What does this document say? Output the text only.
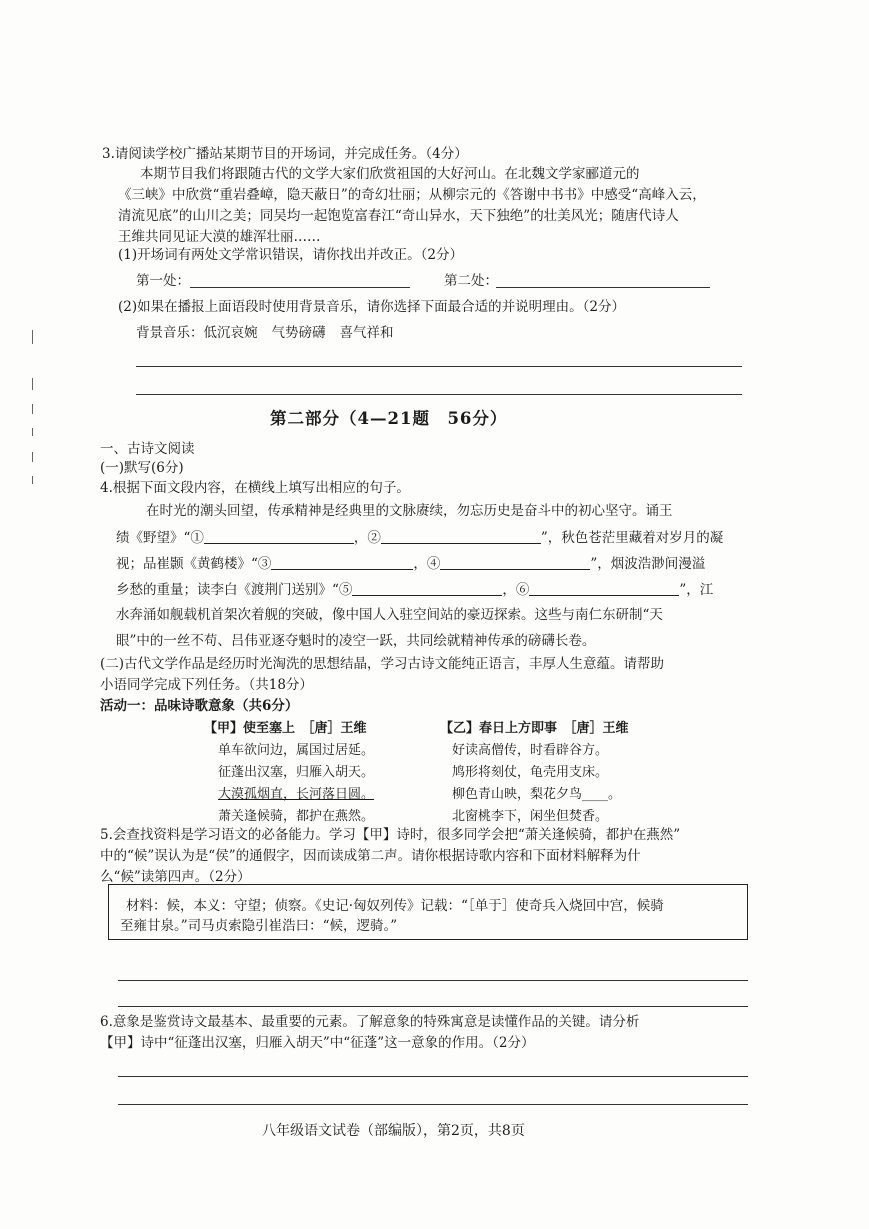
3.请阅读学校广播站某期节目的开场词，并完成任务。（4分）
本期节目我们将跟随古代的文学大家们欣赏祖国的大好河山。在北魏文学家郦道元的
《三峡》中欣赏“重岩叠嶂，隐天蔽日”的奇幻壮丽；从柳宗元的《答谢中书书》中感受“高峰入云，
清流见底”的山川之美；同吴均一起饱览富春江“奇山异水，天下独绝”的壮美风光；随唐代诗人
王维共同见证大漠的雄浑壮丽……
(1)开场词有两处文学常识错误，请你找出并改正。（2分）
第一处：	第二处：
(2)如果在播报上面语段时使用背景音乐，请你选择下面最合适的并说明理由。（2分）
背景音乐：低沉哀婉 气势磅礴 喜气祥和
第二部分（4—21题　56分）
一、古诗文阅读
(一)默写(6分)
4.根据下面文段内容，在横线上填写出相应的句子。
在时光的潮头回望，传承精神是经典里的文脉赓续，勿忘历史是奋斗中的初心坚守。诵王
绩《野望》“①	，②	”，秋色苍茫里藏着对岁月的凝
视；品崔颢《黄鹤楼》“③	，④	”，烟波浩渺间漫溢
乡愁的重量；读李白《渡荆门送别》“⑤	，⑥	”，江
水奔涌如舰载机首架次着舰的突破，像中国人入驻空间站的豪迈探索。这些与南仁东研制“天
眼”中的一丝不苟、吕伟亚逐夺魁时的凌空一跃，共同绘就精神传承的磅礴长卷。
(二)古代文学作品是经历时光淘洗的思想结晶，学习古诗文能纯正语言，丰厚人生意蕴。请帮助
小语同学完成下列任务。（共18分）
活动一：品味诗歌意象（共6分）
【甲】使至塞上　［唐］王维
单车欲问边，属国过居延。
征蓬出汉塞，归雁入胡天。
大漠孤烟直，长河落日圆。
萧关逢候骑，都护在燕然。
【乙】春日上方即事　［唐］王维
好读高僧传，时看辟谷方。
鸠形将刻仗，龟壳用支床。
柳色青山映，梨花夕鸟____。
北窗桃李下，闲坐但焚香。
5.会查找资料是学习语文的必备能力。学习【甲】诗时，很多同学会把“萧关逢候骑，都护在燕然”
中的“候”误认为是“侯”的通假字，因而读成第二声。请你根据诗歌内容和下面材料解释为什
么“候”读第四声。（2分）
材料：候，本义：守望；侦察。《史记·匈奴列传》记载：“［单于］使奇兵入烧回中宫，候骑
至雍甘泉。”司马贞索隐引崔浩曰：“候，逻骑。”
6.意象是鉴赏诗文最基本、最重要的元素。了解意象的特殊寓意是读懂作品的关键。请分析
【甲】诗中“征蓬出汉塞，归雁入胡天”中“征蓬”这一意象的作用。（2分）
八年级语文试卷（部编版），第2页，共8页
